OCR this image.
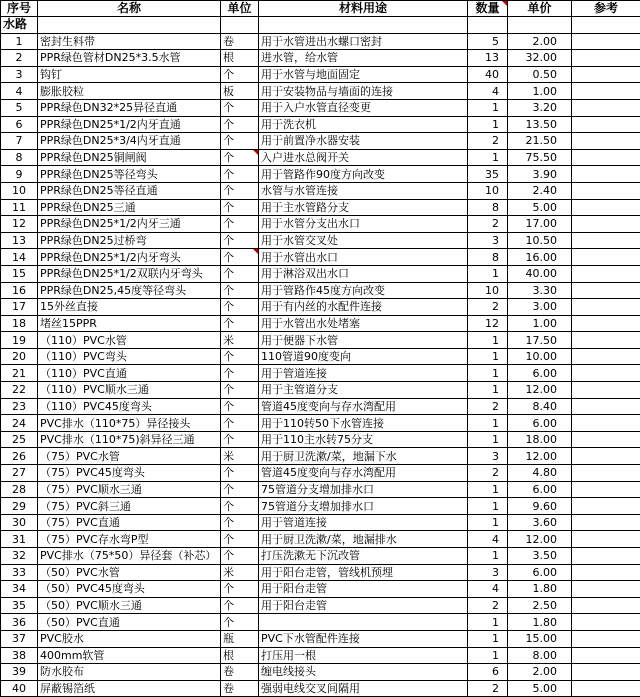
序号	名称	单位	材料用途	数量	单价	参考
水路						
1	密封生料带	卷	用于水管进出水螺口密封	5	2.00	
2	PPR绿色管材DN25*3.5水管	根	进水管，给水管	13	32.00	
3	钩钉	个	用于水管与地面固定	40	0.50	
4	膨胀胶粒	板	用于安装物品与墙面的连接	4	1.00	
5	PPR绿色DN32*25异径直通	个	用于入户水管直径变更	1	3.20	
6	PPR绿色DN25*1/2内牙直通	个	用于洗衣机	1	13.50	
7	PPR绿色DN25*3/4内牙直通	个	用于前置净水器安装	2	21.50	
8	PPR绿色DN25铜闸阀	个	入户进水总阀开关	1	75.50	
9	PPR绿色DN25等径弯头	个	用于管路作90度方向改变	35	3.90	
10	PPR绿色DN25等径直通	个	水管与水管连接	10	2.40	
11	PPR绿色DN25三通	个	用于主水管路分支	8	5.00	
12	PPR绿色DN25*1/2内牙三通	个	用于水管分支出水口	2	17.00	
13	PPR绿色DN25过桥弯	个	用于水管交叉处	3	10.50	
14	PPR绿色DN25*1/2内牙弯头	个	用于水管出水口	8	16.00	
15	PPR绿色DN25*1/2双联内牙弯头	个	用于淋浴双出水口	1	40.00	
16	PPR绿色DN25,45度等径弯头	个	用于管路作45度方向改变	10	3.30	
17	15外丝直接	个	用于有内丝的水配件连接	2	3.00	
18	堵丝15PPR	个	用于水管出水处堵塞	12	1.00	
19	（110）PVC水管	米	用于便器下水管	1	17.50	
20	（110）PVC弯头	个	110管道90度变向	1	10.00	
21	（110）PVC直通	个	用于管道连接	1	6.00	
22	（110）PVC顺水三通	个	用于主管道分支	1	12.00	
23	（110）PVC45度弯头	个	管道45度变向与存水湾配用	2	8.40	
24	PVC排水（110*75）异径接头	个	用于110转50下水管连接	1	6.00	
25	PVC排水（110*75)斜异径三通	个	用于110主水转75分支	1	18.00	
26	（75）PVC水管	米	用于厨卫洗漱/菜，地漏下水	3	12.00	
27	（75）PVC45度弯头	个	管道45度变向与存水湾配用	2	4.80	
28	（75）PVC顺水三通	个	75管道分支增加排水口	1	6.00	
29	（75）PVC斜三通	个	75管道分支增加排水口	1	9.60	
30	（75）PVC直通	个	用于管道连接	1	3.60	
31	（75）PVC存水弯P型	个	用于厨卫洗漱/菜，地漏排水	4	12.00	
32	PVC排水（75*50）异径套（补芯）	个	打压洗漱无下沉改管	1	3.50	
33	（50）PVC水管	米	用于阳台走管，管线机预埋	3	6.00	
34	（50）PVC45度弯头	个	用于阳台走管	4	1.80	
35	（50）PVC顺水三通	个	用于阳台走管	2	2.50	
36	（50）PVC直通	个		1	1.80	
37	PVC胶水	瓶	PVC下水管配件连接	1	15.00	
38	400mm软管	根	打压用一根	1	8.00	
39	防水胶布	卷	缠电线接头	6	2.00	
40	屏蔽锡箔纸	卷	强弱电线交叉间隔用	2	5.00	
